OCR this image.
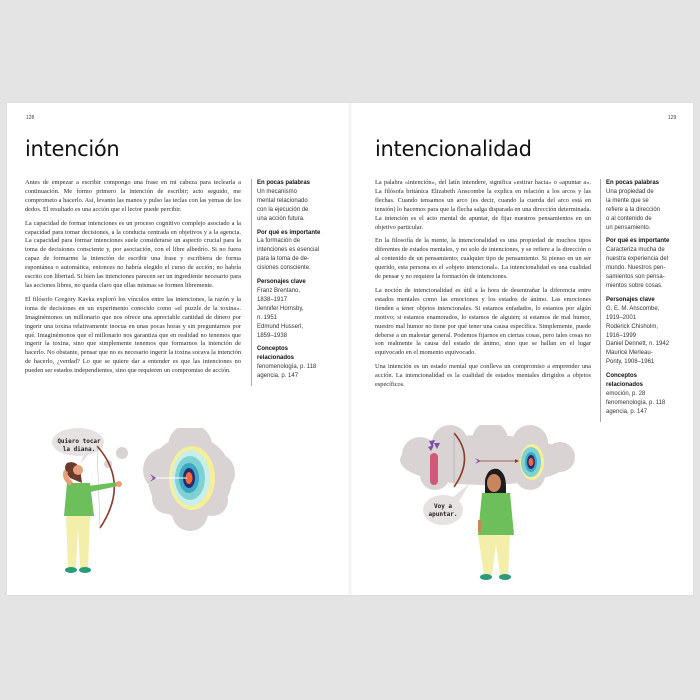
128
intención

Antes de empezar a escribir compongo una frase en mi cabeza para teclearla a continuación. Me formo primero la intención de escribir; acto seguido, me comprometo a hacerlo. Así, levanto las manos y pulso las teclas con las yemas de los dedos. El resultado es una acción que el lector puede percibir.

La capacidad de formar intenciones es un proceso cognitivo complejo asociado a la capacidad para tomar decisiones, a la conducta centrada en objetivos y a la agencia. La capacidad para formar intenciones suele considerarse un aspecto crucial para la toma de decisiones consciente y, por asociación, con el libre albedrío. Si no fuera capaz de formarme la intención de escribir una frase y escribiera de forma espontánea o automática, entonces no habría elegido el curso de acción; no habría escrito con libertad. Si bien las intenciones parecen ser un ingrediente necesario para las acciones libres, no queda claro que ellas mismas se formen libremente.

El filósofo Gregory Kavka exploró los vínculos entre las intenciones, la razón y la toma de decisiones en un experimento conocido como «el puzzle de la toxina». Imaginémonos un millonario que nos ofrece una apreciable cantidad de dinero por ingerir una toxina relativamente inocua en unas pocas horas y sin preguntarnos por qué. Imaginémonos que el millonario nos garantiza que en realidad no tenemos que ingerir la toxina, sino que simplemente tenemos que formarnos la intención de hacerlo. No obstante, pensar que no es necesario ingerir la toxina socava la intención de hacerlo, ¿verdad? Lo que se quiere dar a entender es que las intenciones no pueden ser estados independientes, sino que requieren un compromiso de acción.

En pocas palabras
Un mecanismo
mental relacionado
con la ejecución de
una acción futura.
Por qué es importante
La formación de
intenciones es esencial
para la toma de de-
cisiones consciente.
Personajes clave
Franz Brentano,
1838–1917
Jennifer Hornsby,
n. 1951
Edmund Husserl,
1859–1938
Conceptos
relacionados
fenomenología, p. 118
agencia, p. 147
Quiero tocar
la diana.
129
intencionalidad

La palabra «intención», del latín intendere, significa «estirar hacia» o «apuntar a». La filósofa británica Elizabeth Anscombe la explica en relación a los arcos y las flechas. Cuando tensamos un arco (es decir, cuando la cuerda del arco está en tensión) lo hacemos para que la flecha salga disparada en una dirección determinada. La intención es el acto mental de apuntar, de fijar nuestros pensamientos en un objetivo particular.

En la filosofía de la mente, la intencionalidad es una propiedad de muchos tipos diferentes de estados mentales, y no solo de intenciones, y se refiere a la dirección o al contenido de un pensamiento; cualquier tipo de pensamiento. Si pienso en un ser querido, esta persona es el «objeto intencional». La intencionalidad es una cualidad de pensar y no requiere la formación de intenciones.

La noción de intencionalidad es útil a la hora de desentrañar la diferencia entre estados mentales como las emociones y los estados de ánimo. Las emociones tienden a tener objetos intencionales. Si estamos enfadados, lo estamos por algún motivo; si estamos enamorados, lo estamos de alguien; si estamos de mal humor, nuestro mal humor no tiene por qué tener una causa específica. Simplemente, puede deberse a un malestar general. Podemos fijarnos en ciertas cosas, pero tales cosas no son realmente la causa del estado de ánimo, sino que se hallan en el lugar equivocado en el momento equivocado.

Una intención es un estado mental que conlleva un compromiso a emprender una acción. La intencionalidad es la cualidad de estados mentales dirigidos a objetos específicos.

En pocas palabras
Una propiedad de
la mente que se
refiere a la dirección
o al contenido de
un pensamiento.
Por qué es importante
Caracteriza mucha de
nuestra experiencia del
mundo. Nuestros pen-
samientos son pensa-
mientos sobre cosas.
Personajes clave
G. E. M. Anscombe,
1919–2001
Roderick Chisholm,
1916–1999
Daniel Dennett, n. 1942
Maurice Merleau-
Ponty, 1908–1961
Conceptos
relacionados
emoción, p. 28
fenomenología, p. 118
agencia, p. 147
Voy a
apuntar.
